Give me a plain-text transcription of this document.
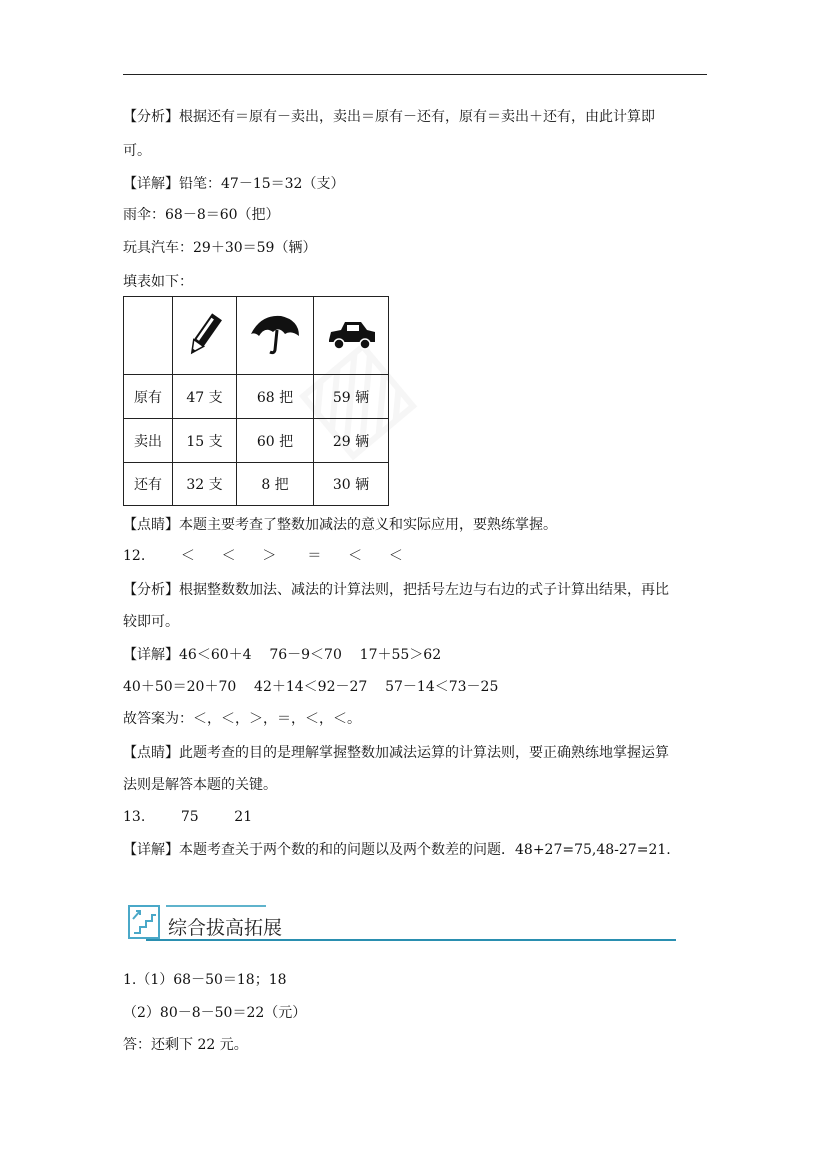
【分析】根据还有＝原有－卖出，卖出＝原有－还有，原有＝卖出＋还有，由此计算即
可。
【详解】铅笔：47－15＝32（支）
雨伞：68－8＝60（把）
玩具汽车：29＋30＝59（辆）
填表如下：

原有	47 支	68 把	59 辆
卖出	15 支	60 把	29 辆
还有	32 支	8 把	30 辆
【点睛】本题主要考查了整数加减法的意义和实际应用，要熟练掌握。
12.        ＜      ＜      ＞       ＝      ＜      ＜
【分析】根据整数数加法、减法的计算法则，把括号左边与右边的式子计算出结果，再比
较即可。
【详解】46＜60＋4    76－9＜70    17＋55＞62
40＋50＝20＋70    42＋14＜92－27    57－14＜73－25
故答案为：＜，＜，＞，＝，＜，＜。
【点睛】此题考查的目的是理解掌握整数加减法运算的计算法则，要正确熟练地掌握运算
法则是解答本题的关键。
13.        75        21
【详解】本题考查关于两个数的和的问题以及两个数差的问题．48+27=75,48-27=21.
综合拔高拓展
1.（1）68－50＝18；18
（2）80－8－50＝22（元）
答：还剩下 22 元。
